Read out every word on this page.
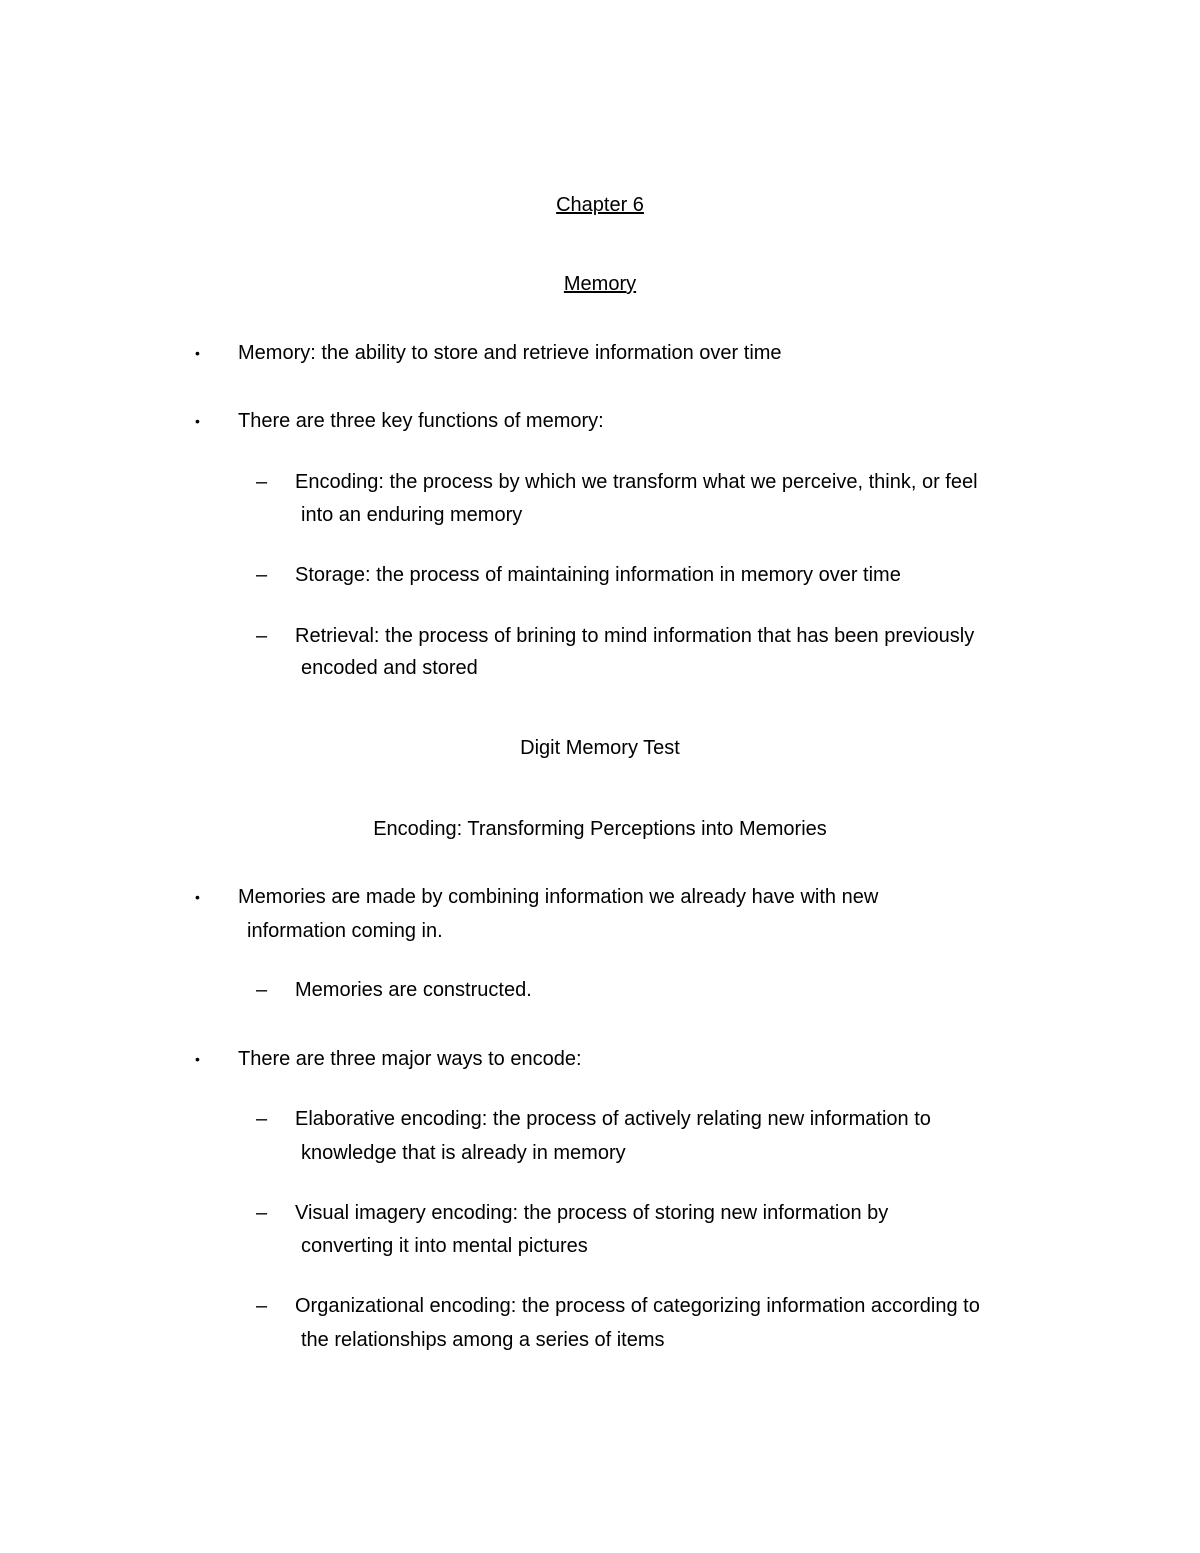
Chapter 6
Memory
• Memory: the ability to store and retrieve information over time
• There are three key functions of memory:
– Encoding: the process by which we transform what we perceive, think, or feel
into an enduring memory
– Storage: the process of maintaining information in memory over time
– Retrieval: the process of brining to mind information that has been previously
encoded and stored
Digit Memory Test
Encoding: Transforming Perceptions into Memories
• Memories are made by combining information we already have with new
information coming in.
– Memories are constructed.
• There are three major ways to encode:
– Elaborative encoding: the process of actively relating new information to
knowledge that is already in memory
– Visual imagery encoding: the process of storing new information by
converting it into mental pictures
– Organizational encoding: the process of categorizing information according to
the relationships among a series of items
